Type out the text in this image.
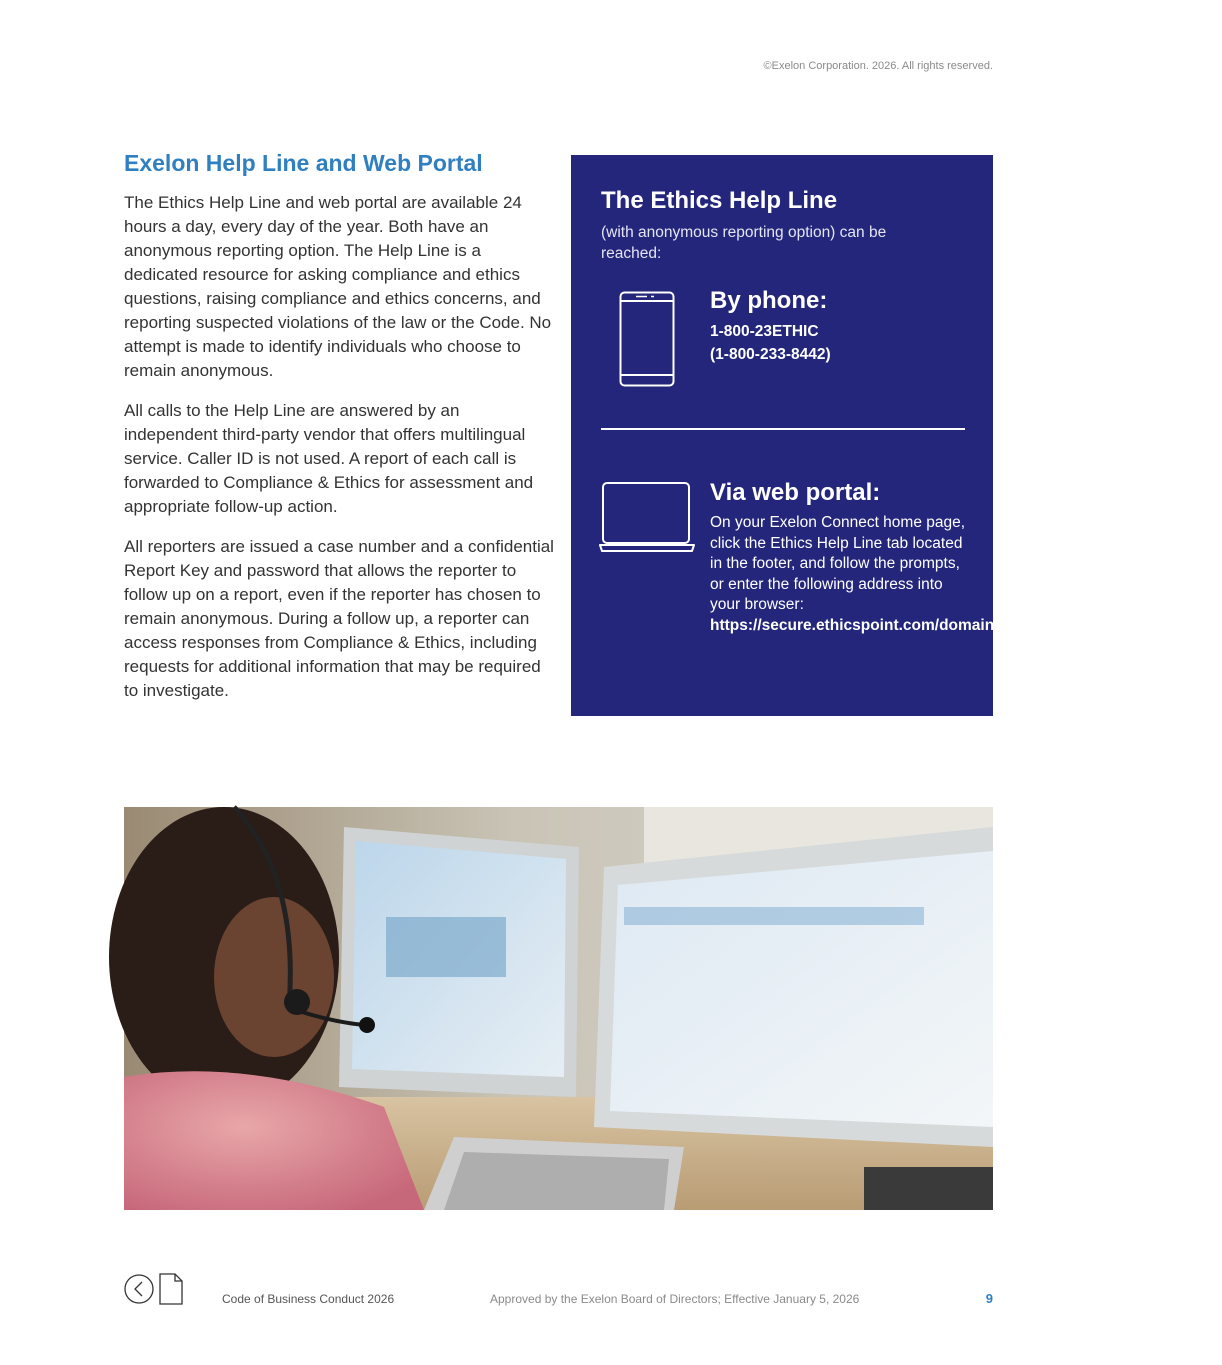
©Exelon Corporation. 2026. All rights reserved.
Exelon Help Line and Web Portal

The Ethics Help Line and web portal are available 24 hours a day, every day of the year. Both have an anonymous reporting option. The Help Line is a dedicated resource for asking compliance and ethics questions, raising compliance and ethics concerns, and reporting suspected violations of the law or the Code. No attempt is made to identify individuals who choose to remain anonymous.

All calls to the Help Line are answered by an independent third-party vendor that offers multilingual service. Caller ID is not used. A report of each call is forwarded to Compliance & Ethics for assessment and appropriate follow-up action.

All reporters are issued a case number and a confidential Report Key and password that allows the reporter to follow up on a report, even if the reporter has chosen to remain anonymous. During a follow up, a reporter can access responses from Compliance & Ethics, including requests for additional information that may be required to investigate.

The Ethics Help Line
(with anonymous reporting option) can be reached:
By phone:
1-800-23ETHIC
(1-800-233-8442)
Via web portal:
On your Exelon Connect home page, click the Ethics Help Line tab located in the footer, and follow the prompts, or enter the following address into your browser: https://secure.ethicspoint.com/domain/media/en/gui/71992/index.html
Code of Business Conduct 2026	Approved by the Exelon Board of Directors; Effective January 5, 2026	9
